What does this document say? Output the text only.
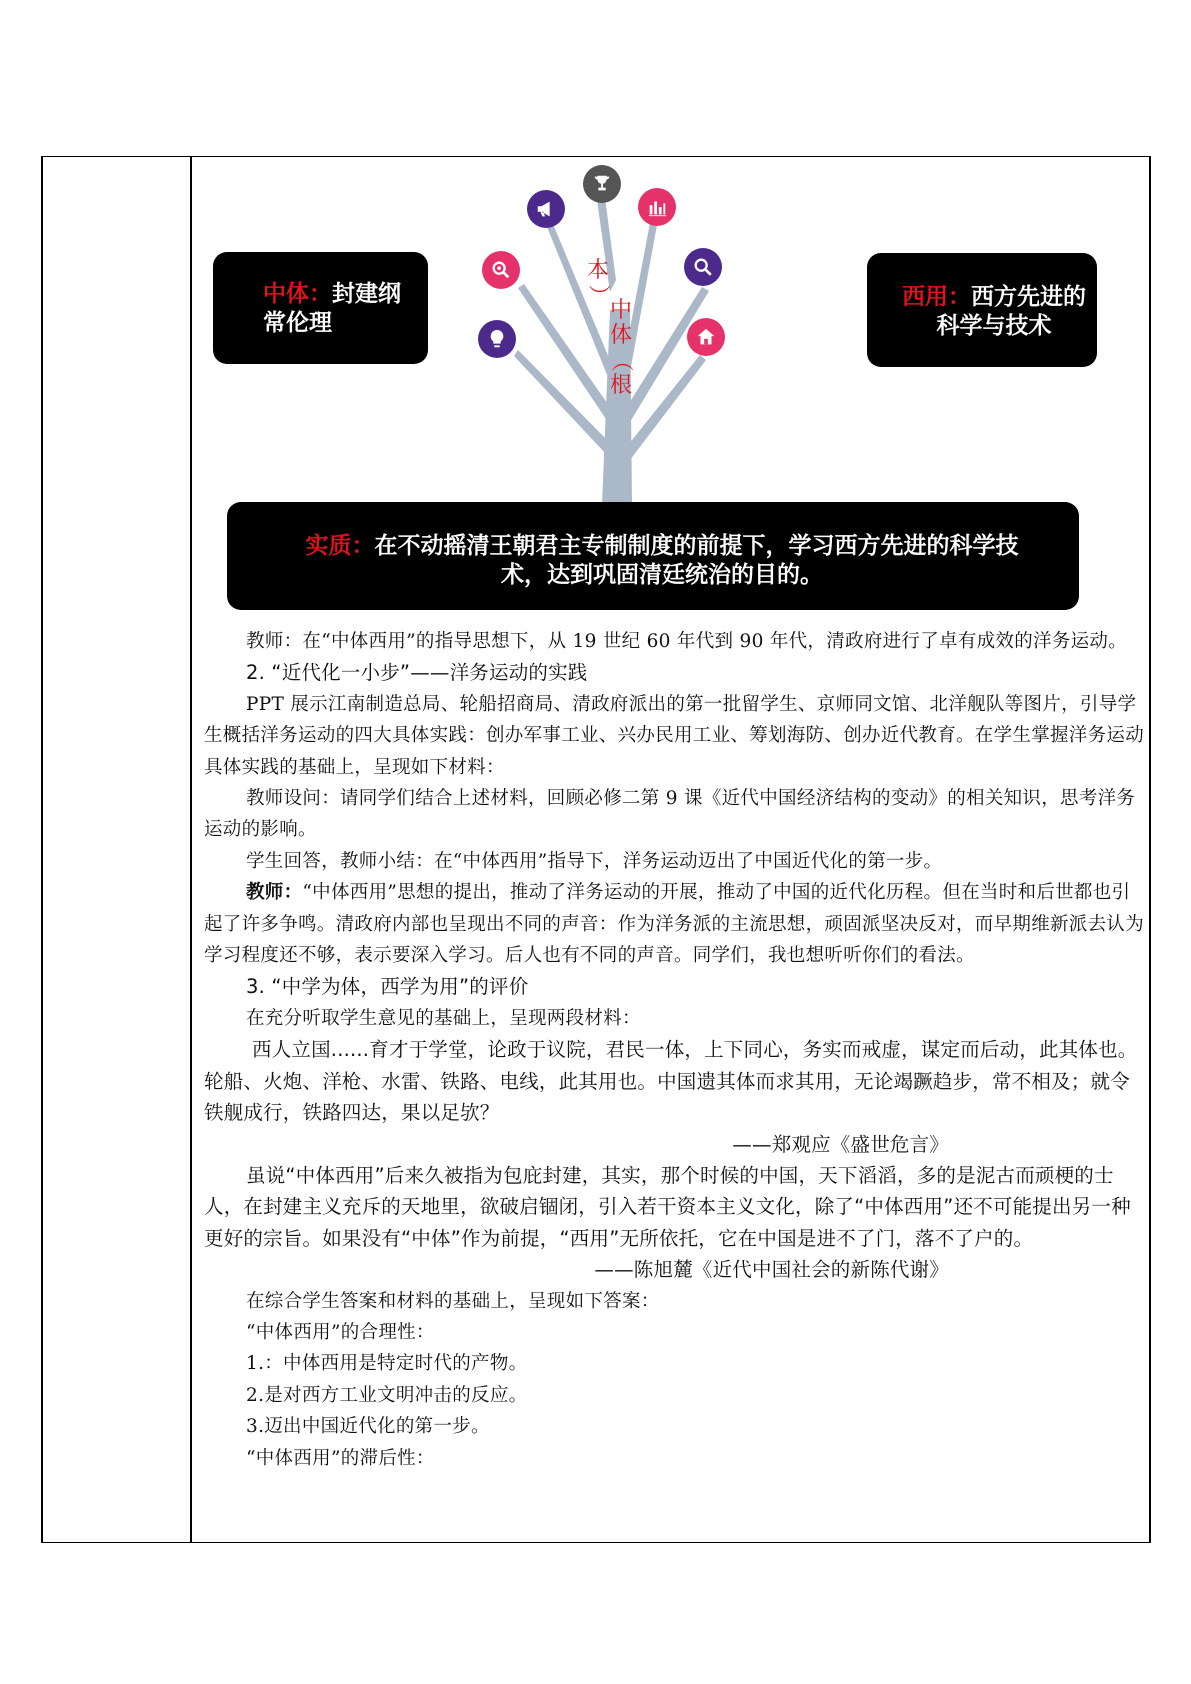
本
）
中
体
（
根
中体：封建纲常伦理
西用：西方先进的科学与技术
实质：在不动摇清王朝君主专制制度的前提下，学习西方先进的科学技术，达到巩固清廷统治的目的。

教师：在“中体西用”的指导思想下，从 19 世纪 60 年代到 90 年代，清政府进行了卓有成效的洋务运动。

2. “近代化一小步”——洋务运动的实践

PPT 展示江南制造总局、轮船招商局、清政府派出的第一批留学生、京师同文馆、北洋舰队等图片，引导学生概括洋务运动的四大具体实践：创办军事工业、兴办民用工业、筹划海防、创办近代教育。在学生掌握洋务运动具体实践的基础上，呈现如下材料：

教师设问：请同学们结合上述材料，回顾必修二第 9 课《近代中国经济结构的变动》的相关知识，思考洋务运动的影响。

学生回答，教师小结：在“中体西用”指导下，洋务运动迈出了中国近代化的第一步。

教师：“中体西用”思想的提出，推动了洋务运动的开展，推动了中国的近代化历程。但在当时和后世都也引起了许多争鸣。清政府内部也呈现出不同的声音：作为洋务派的主流思想，顽固派坚决反对，而早期维新派去认为学习程度还不够，表示要深入学习。后人也有不同的声音。同学们，我也想听听你们的看法。

3. “中学为体，西学为用”的评价

在充分听取学生意见的基础上，呈现两段材料：

西人立国......育才于学堂，论政于议院，君民一体，上下同心，务实而戒虚，谋定而后动，此其体也。轮船、火炮、洋枪、水雷、铁路、电线，此其用也。中国遗其体而求其用，无论竭蹶趋步，常不相及；就令铁舰成行，铁路四达，果以足欤？

——郑观应《盛世危言》

虽说“中体西用”后来久被指为包庇封建，其实，那个时候的中国，天下滔滔，多的是泥古而顽梗的士人，在封建主义充斥的天地里，欲破启锢闭，引入若干资本主义文化，除了“中体西用”还不可能提出另一种更好的宗旨。如果没有“中体”作为前提，“西用”无所依托，它在中国是进不了门，落不了户的。

——陈旭麓《近代中国社会的新陈代谢》

在综合学生答案和材料的基础上，呈现如下答案：

“中体西用”的合理性：

1.：中体西用是特定时代的产物。

2.是对西方工业文明冲击的反应。

3.迈出中国近代化的第一步。

“中体西用”的滞后性：
